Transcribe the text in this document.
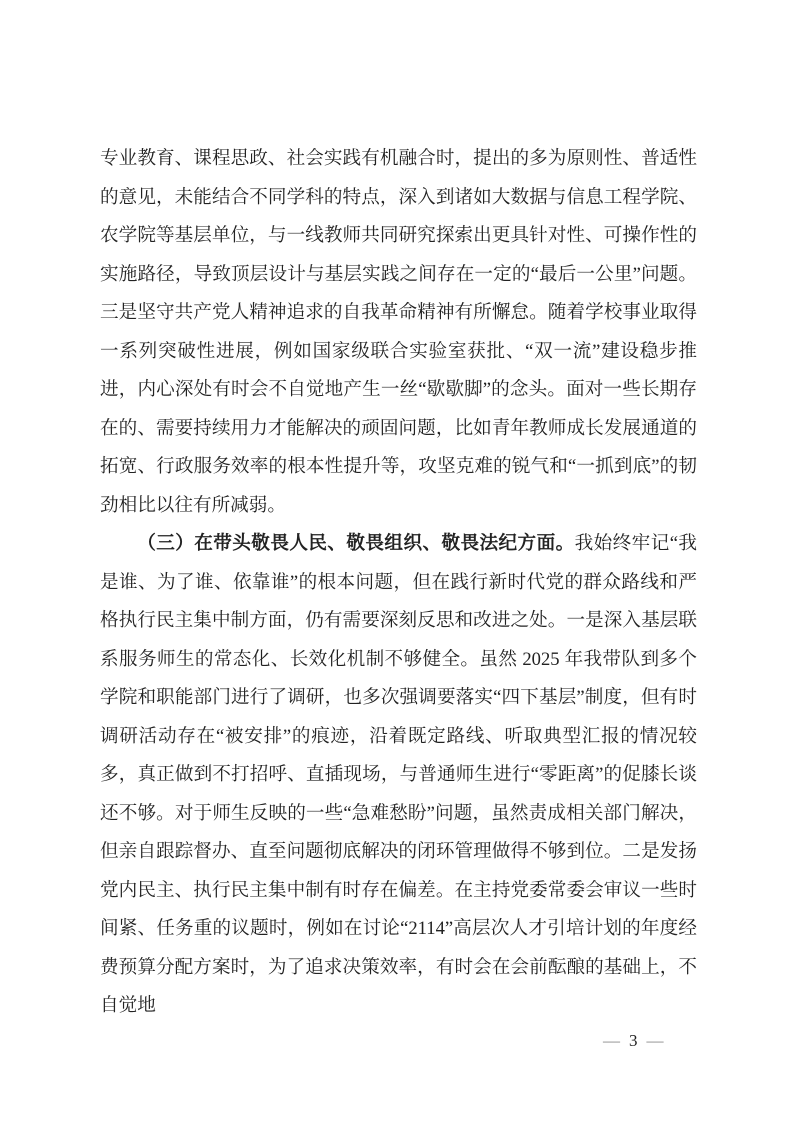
专业教育、课程思政、社会实践有机融合时，提出的多为原则性、普适性的意见，未能结合不同学科的特点，深入到诸如大数据与信息工程学院、农学院等基层单位，与一线教师共同研究探索出更具针对性、可操作性的实施路径，导致顶层设计与基层实践之间存在一定的“最后一公里”问题。三是坚守共产党人精神追求的自我革命精神有所懈怠。随着学校事业取得一系列突破性进展，例如国家级联合实验室获批、“双一流”建设稳步推进，内心深处有时会不自觉地产生一丝“歇歇脚”的念头。面对一些长期存在的、需要持续用力才能解决的顽固问题，比如青年教师成长发展通道的拓宽、行政服务效率的根本性提升等，攻坚克难的锐气和“一抓到底”的韧劲相比以往有所减弱。

（三）在带头敬畏人民、敬畏组织、敬畏法纪方面。我始终牢记“我是谁、为了谁、依靠谁”的根本问题，但在践行新时代党的群众路线和严格执行民主集中制方面，仍有需要深刻反思和改进之处。一是深入基层联系服务师生的常态化、长效化机制不够健全。虽然 2025 年我带队到多个学院和职能部门进行了调研，也多次强调要落实“四下基层”制度，但有时调研活动存在“被安排”的痕迹，沿着既定路线、听取典型汇报的情况较多，真正做到不打招呼、直插现场，与普通师生进行“零距离”的促膝长谈还不够。对于师生反映的一些“急难愁盼”问题，虽然责成相关部门解决，但亲自跟踪督办、直至问题彻底解决的闭环管理做得不够到位。二是发扬党内民主、执行民主集中制有时存在偏差。在主持党委常委会审议一些时间紧、任务重的议题时，例如在讨论“2114”高层次人才引培计划的年度经费预算分配方案时，为了追求决策效率，有时会在会前酝酿的基础上，不自觉地

— 3 —
